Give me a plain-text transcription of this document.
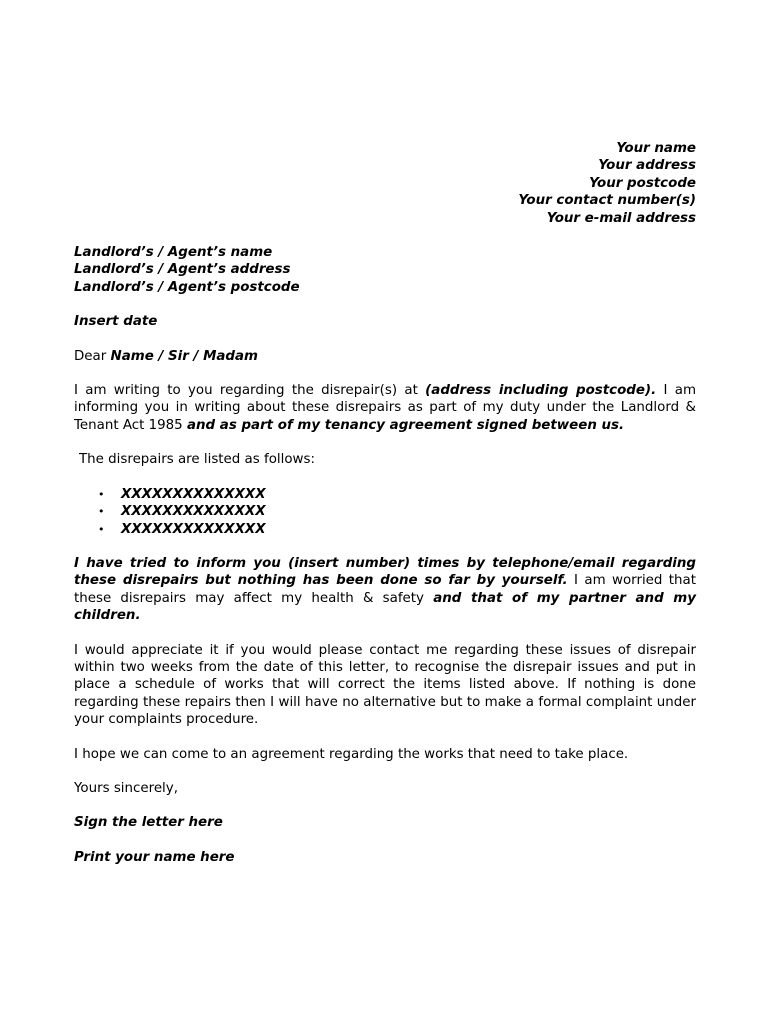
Your name
Your address
Your postcode
Your contact number(s)
Your e-mail address
Landlord’s / Agent’s name
Landlord’s / Agent’s address
Landlord’s / Agent’s postcode
Insert date
Dear Name / Sir / Madam
I am writing to you regarding the disrepair(s) at (address including postcode). I am informing you in writing about these disrepairs as part of my duty under the Landlord & Tenant Act 1985 and as part of my tenancy agreement signed between us.
The disrepairs are listed as follows:
• XXXXXXXXXXXXXX
• XXXXXXXXXXXXXX
• XXXXXXXXXXXXXX
I have tried to inform you (insert number) times by telephone/email regarding these disrepairs but nothing has been done so far by yourself. I am worried that these disrepairs may affect my health & safety and that of my partner and my children.
I would appreciate it if you would please contact me regarding these issues of disrepair within two weeks from the date of this letter, to recognise the disrepair issues and put in place a schedule of works that will correct the items listed above. If nothing is done regarding these repairs then I will have no alternative but to make a formal complaint under your complaints procedure.
I hope we can come to an agreement regarding the works that need to take place.
Yours sincerely,
Sign the letter here
Print your name here
